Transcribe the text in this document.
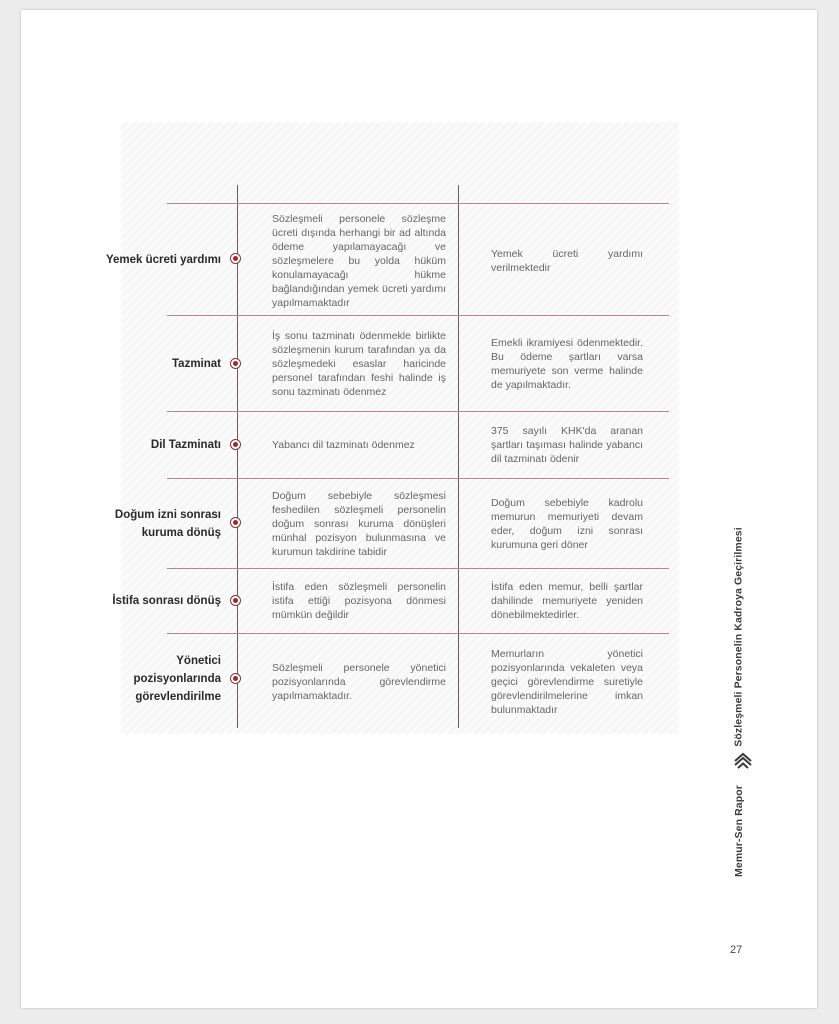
Yemek ücreti yardımı
Sözleşmeli personele sözleşme ücreti dışında herhangi bir ad altında ödeme yapılamayacağı ve sözleşmelere bu yolda hüküm konulamayacağı hükme bağlandığından yemek ücreti yardımı yapılmamaktadır
Yemek ücreti yardımı verilmektedir
Tazminat
İş sonu tazminatı ödenmekle birlikte sözleşmenin kurum tarafından ya da sözleşmedeki esaslar haricinde personel tarafından feshi halinde iş sonu tazminatı ödenmez
Emekli ikramiyesi ödenmektedir. Bu ödeme şartları varsa memuriyete son verme halinde de yapılmaktadır.
Dil Tazminatı	Yabancı dil tazminatı ödenmez
375 sayılı KHK'da aranan şartları taşıması halinde yabancı dil tazminatı ödenir
Doğum izni sonrası kuruma dönüş
Doğum sebebiyle sözleşmesi feshedilen sözleşmeli personelin doğum sonrası kuruma dönüşleri münhal pozisyon bulunmasına ve kurumun takdirine tabidir
Doğum sebebiyle kadrolu memurun memuriyeti devam eder, doğum izni sonrası kurumuna geri döner
İstifa sonrası dönüş
İstifa eden sözleşmeli personelin istifa ettiği pozisyona dönmesi mümkün değildir
İstifa eden memur, belli şartlar dahilinde memuriyete yeniden dönebilmektedirler.
Yönetici pozisyonlarında görevlendirilme
Sözleşmeli personele yönetici pozisyonlarında görevlendirme yapılmamaktadır.
Memurların yönetici pozisyonlarında vekaleten veya geçici görevlendirme suretiyle görevlendirilmelerine imkan bulunmaktadır	Sözleşmeli Personelin Kadroya Geçirilmesi
Memur-Sen Rapor
27
